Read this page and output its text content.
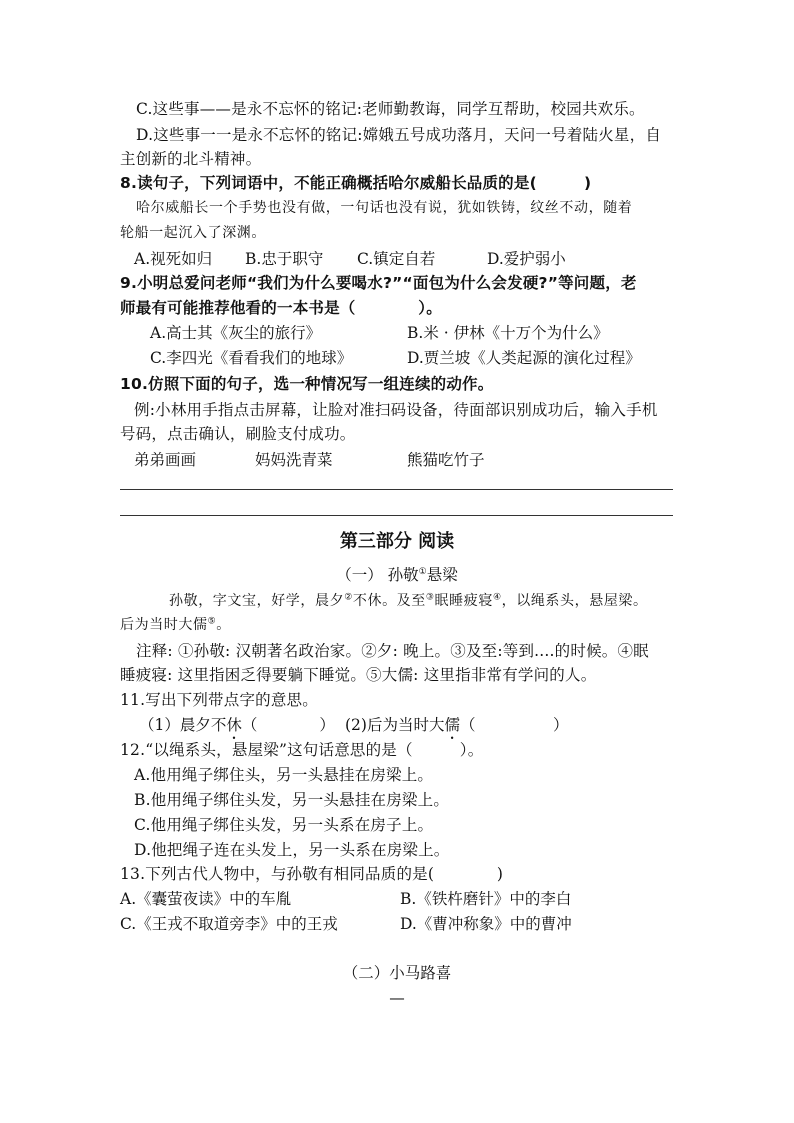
C.这些事——是永不忘怀的铭记:老师勤教诲，同学互帮助，校园共欢乐。
D.这些事一一是永不忘怀的铭记:嫦娥五号成功落月，天问一号着陆火星，自
主创新的北斗精神。
8.读句子，下列词语中，不能正确概括哈尔威船长品质的是(　　　)
哈尔威船长一个手势也没有做，一句话也没有说，犹如铁铸，纹丝不动，随着
轮船一起沉入了深渊。
A.视死如归 B.忠于职守 C.镇定自若	D.爱护弱小
9.小明总爱问老师“我们为什么要喝水?”“面包为什么会发硬?”等问题，老
师最有可能推荐他看的一本书是（　　　　）。
A.高士其《灰尘的旅行》	B.米 · 伊林《十万个为什么》
C.李四光《看看我们的地球》	D.贾兰坡《人类起源的演化过程》
10.仿照下面的句子，选一种情况写一组连续的动作。
例:小林用手指点击屏幕，让脸对准扫码设备，待面部识别成功后，输入手机
号码，点击确认，刷脸支付成功。
弟弟画画	妈妈洗青菜	熊猫吃竹子
第三部分 阅读
（一） 孙敬①悬梁
孙敬，字文宝，好学，晨夕②不休。及至③眠睡疲寝④，以绳系头，悬屋梁。
后为当时大儒⑤。
注释: ①孙敬: 汉朝著名政治家。②夕: 晚上。③及至:等到....的时候。④眠
睡疲寝: 这里指困乏得要躺下睡觉。⑤大儒: 这里指非常有学问的人。
11.写出下列带点字的意思。
（1）晨夕不休（　　　　） (2)后为当时大儒（　　　　　）
12.“以绳系头，悬屋梁”这句话意思的是（　　　）。
A.他用绳子绑住头，另一头悬挂在房梁上。
B.他用绳子绑住头发，另一头悬挂在房梁上。
C.他用绳子绑住头发，另一头系在房子上。
D.他把绳子连在头发上，另一头系在房梁上。
13.下列古代人物中，与孙敬有相同品质的是(　　　　)
A.《囊萤夜读》中的车胤	B.《铁杵磨针》中的李白
C.《王戎不取道旁李》中的王戎	D.《曹冲称象》中的曹冲
（二）小马路喜
—
